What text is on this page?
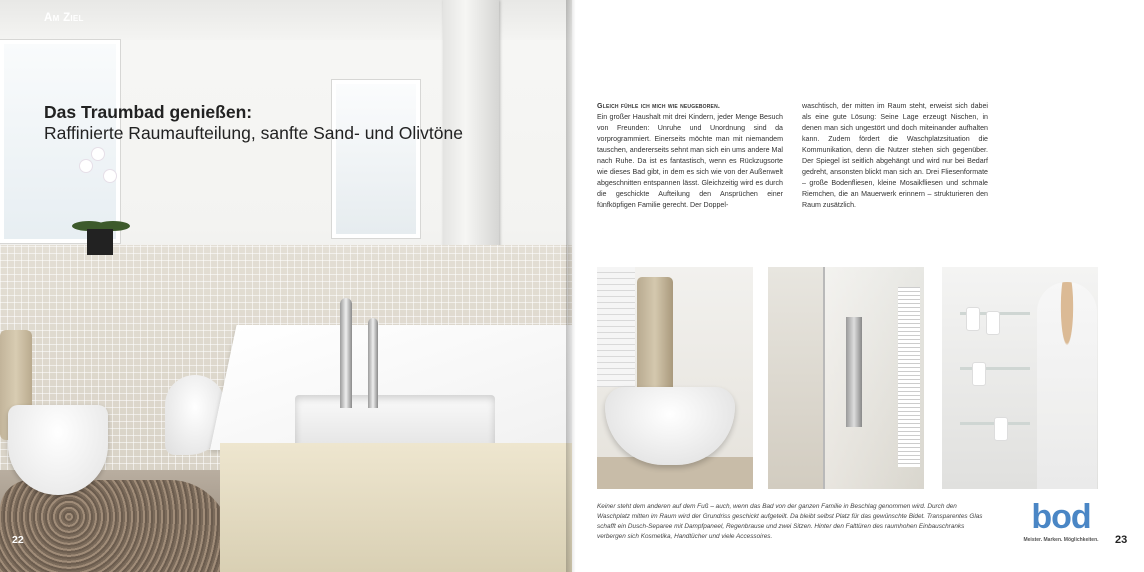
Am Ziel
Das Traumbad genießen:
Raffinierte Raumaufteilung, sanfte Sand- und Olivtöne
22

Gleich fühle ich mich wie neugeboren.

Ein großer Haushalt mit drei Kindern, jeder Menge Besuch von Freunden: Unruhe und Unordnung sind da vorprogrammiert. Einerseits möchte man mit niemandem tauschen, andererseits sehnt man sich ein ums andere Mal nach Ruhe. Da ist es fantastisch, wenn es Rückzugsorte wie dieses Bad gibt, in dem es sich wie von der Außenwelt abgeschnitten entspannen lässt. Gleichzeitig wird es durch die geschickte Aufteilung den Ansprüchen einer fünfköpfigen Familie gerecht. Der Doppel-

waschtisch, der mitten im Raum steht, erweist sich dabei als eine gute Lösung: Seine Lage erzeugt Nischen, in denen man sich ungestört und doch miteinander aufhalten kann. Zudem fördert die Waschplatzsituation die Kommunikation, denn die Nutzer stehen sich gegenüber. Der Spiegel ist seitlich abgehängt und wird nur bei Bedarf gedreht, ansonsten blickt man sich an. Drei Fliesenformate – große Bodenfliesen, kleine Mosaikfliesen und schmale Riemchen, die an Mauerwerk erinnern – strukturieren den Raum zusätzlich.

Keiner steht dem anderen auf dem Fuß – auch, wenn das Bad von der ganzen Familie in Beschlag genommen wird. Durch den Waschplatz mitten im Raum wird der Grundriss geschickt aufgeteilt. Da bleibt selbst Platz für das gewünschte Bidet. Transparentes Glas schafft ein Dusch-Separee mit Dampfpaneel, Regenbrause und zwei Sitzen. Hinter den Falttüren des raumhohen Einbauschranks verbergen sich Kosmetika, Handtücher und viele Accessoires.
bod
Meister. Marken. Möglichkeiten.	23
